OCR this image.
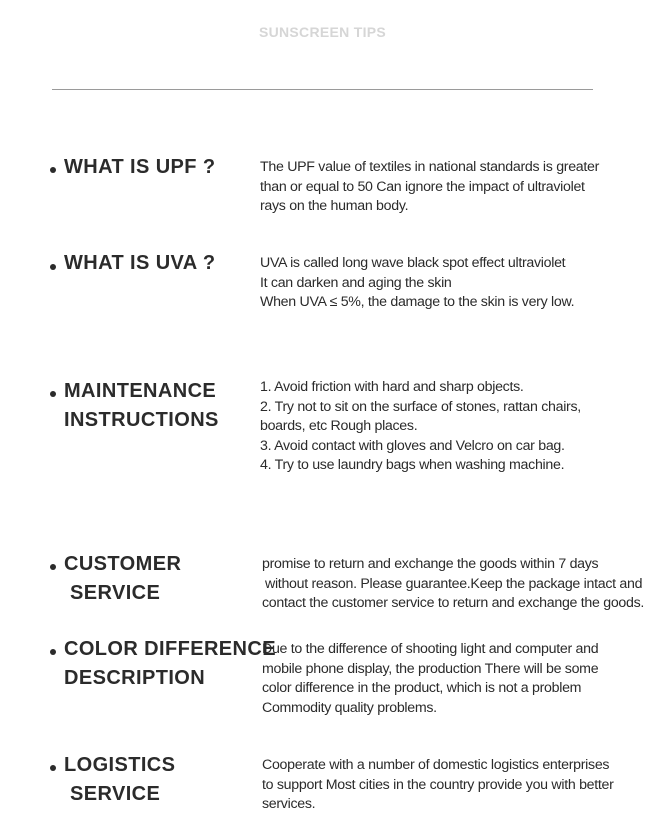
SUNSCREEN TIPS
WHAT IS UPF ?	The UPF value of textiles in national standards is greater
than or equal to 50 Can ignore the impact of ultraviolet
rays on the human body.
WHAT IS UVA ?	UVA is called long wave black spot effect ultraviolet
It can darken and aging the skin
When UVA ≤ 5%, the damage to the skin is very low.
MAINTENANCE
INSTRUCTIONS
1. Avoid friction with hard and sharp objects.
2. Try not to sit on the surface of stones, rattan chairs,
boards, etc Rough places.
3. Avoid contact with gloves and Velcro on car bag.
4. Try to use laundry bags when washing machine.
CUSTOMER
SERVICE
promise to return and exchange the goods within 7 days
without reason. Please guarantee.Keep the package intact and
contact the customer service to return and exchange the goods.
COLOR DIFFERENCE
DESCRIPTION
Due to the difference of shooting light and computer and
mobile phone display, the production There will be some
color difference in the product, which is not a problem
Commodity quality problems.
LOGISTICS
SERVICE
Cooperate with a number of domestic logistics enterprises
to support Most cities in the country provide you with better
services.
